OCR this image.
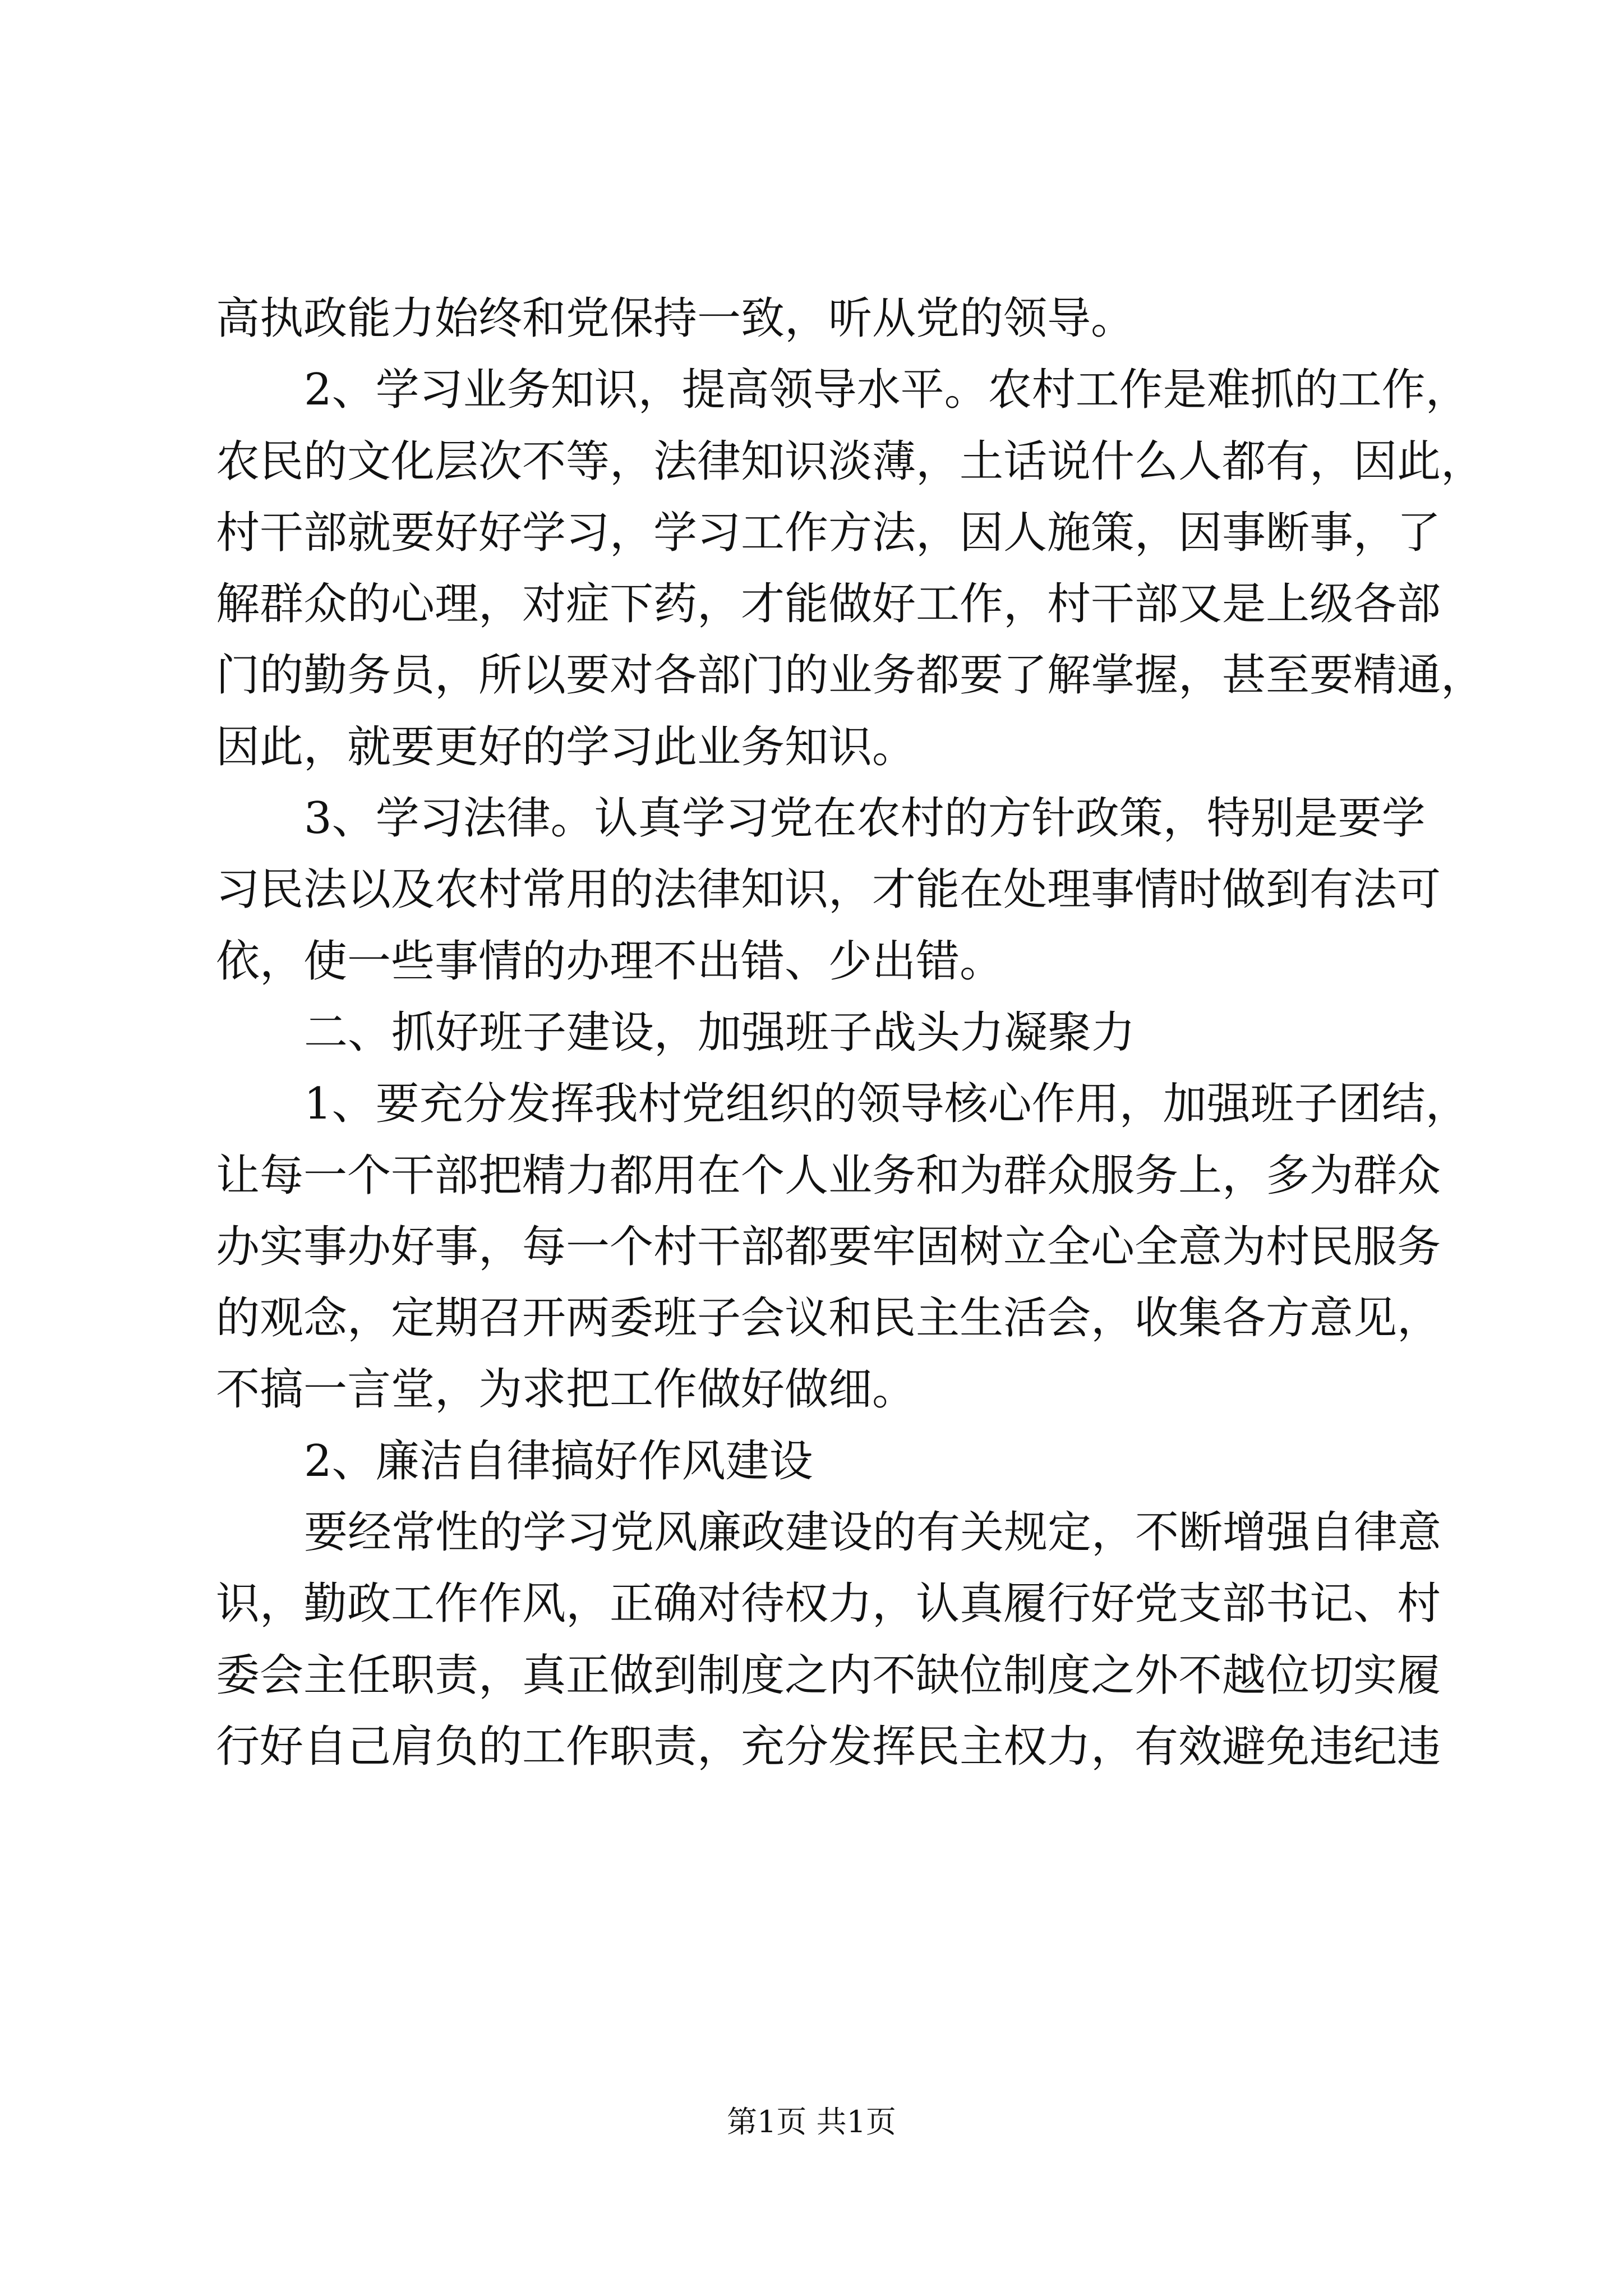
高执政能力始终和党保持一致，听从党的领导。
2、学习业务知识，提高领导水平。农村工作是难抓的工作，
农民的文化层次不等，法律知识淡薄，土话说什么人都有，因此，
村干部就要好好学习，学习工作方法，因人施策，因事断事，了
解群众的心理，对症下药，才能做好工作，村干部又是上级各部
门的勤务员，所以要对各部门的业务都要了解掌握，甚至要精通，
因此，就要更好的学习此业务知识。
3、学习法律。认真学习党在农村的方针政策，特别是要学
习民法以及农村常用的法律知识，才能在处理事情时做到有法可
依，使一些事情的办理不出错、少出错。
二、抓好班子建设，加强班子战头力凝聚力
1、要充分发挥我村党组织的领导核心作用，加强班子团结，
让每一个干部把精力都用在个人业务和为群众服务上，多为群众
办实事办好事，每一个村干部都要牢固树立全心全意为村民服务
的观念，定期召开两委班子会议和民主生活会，收集各方意见，
不搞一言堂，为求把工作做好做细。
2、廉洁自律搞好作风建设
要经常性的学习党风廉政建设的有关规定，不断增强自律意
识，勤政工作作风，正确对待权力，认真履行好党支部书记、村
委会主任职责，真正做到制度之内不缺位制度之外不越位切实履
行好自己肩负的工作职责，充分发挥民主权力，有效避免违纪违
第1页 共1页
